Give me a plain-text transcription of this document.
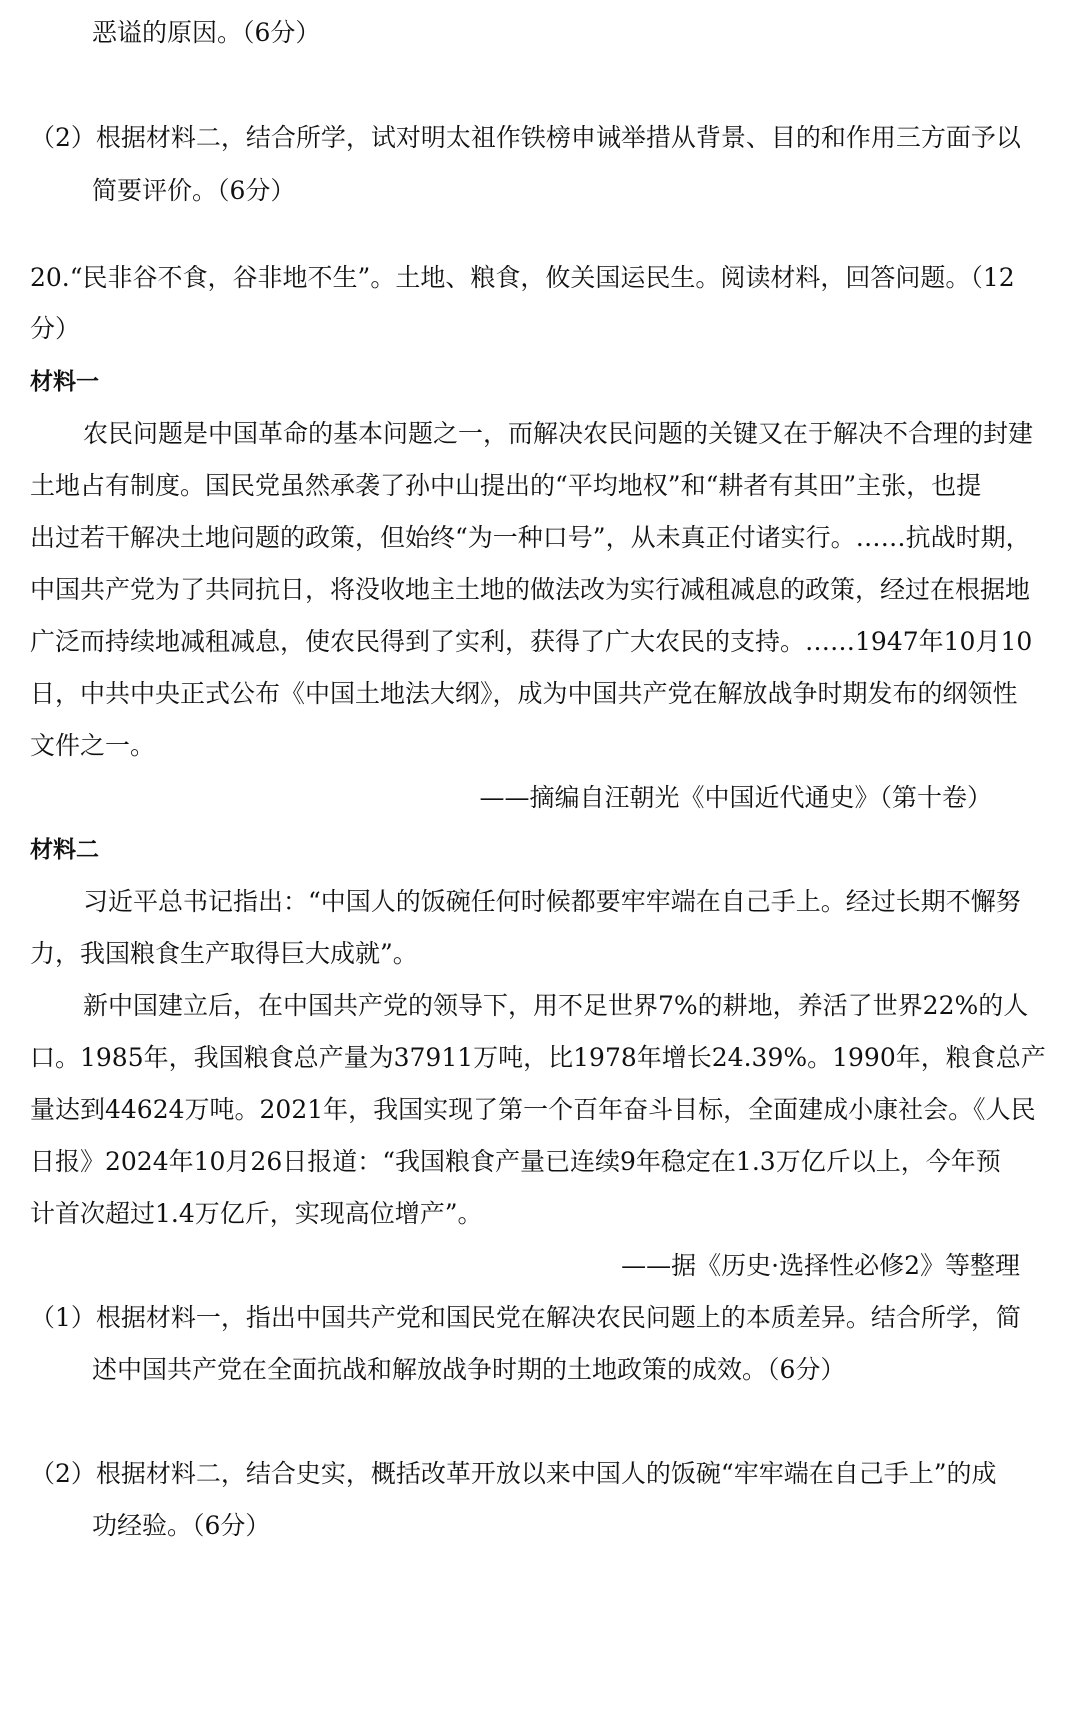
恶谥的原因。（6分）
（2）根据材料二，结合所学，试对明太祖作铁榜申诫举措从背景、目的和作用三方面予以
简要评价。（6分）
20.“民非谷不食，谷非地不生”。土地、粮食，攸关国运民生。阅读材料，回答问题。（12
分）
材料一
农民问题是中国革命的基本问题之一，而解决农民问题的关键又在于解决不合理的封建
土地占有制度。国民党虽然承袭了孙中山提出的“平均地权”和“耕者有其田”主张，也提
出过若干解决土地问题的政策，但始终“为一种口号”，从未真正付诸实行。……抗战时期，
中国共产党为了共同抗日，将没收地主土地的做法改为实行减租减息的政策，经过在根据地
广泛而持续地减租减息，使农民得到了实利，获得了广大农民的支持。……1947年10月10
日，中共中央正式公布《中国土地法大纲》，成为中国共产党在解放战争时期发布的纲领性
文件之一。
——摘编自汪朝光《中国近代通史》（第十卷）
材料二
习近平总书记指出：“中国人的饭碗任何时候都要牢牢端在自己手上。经过长期不懈努
力，我国粮食生产取得巨大成就”。
新中国建立后，在中国共产党的领导下，用不足世界7%的耕地，养活了世界22%的人
口。1985年，我国粮食总产量为37911万吨，比1978年增长24.39%。1990年，粮食总产
量达到44624万吨。2021年，我国实现了第一个百年奋斗目标，全面建成小康社会。《人民
日报》2024年10月26日报道：“我国粮食产量已连续9年稳定在1.3万亿斤以上，今年预
计首次超过1.4万亿斤，实现高位增产”。
——据《历史·选择性必修2》等整理
（1）根据材料一，指出中国共产党和国民党在解决农民问题上的本质差异。结合所学，简
述中国共产党在全面抗战和解放战争时期的土地政策的成效。（6分）
（2）根据材料二，结合史实，概括改革开放以来中国人的饭碗“牢牢端在自己手上”的成
功经验。（6分）
